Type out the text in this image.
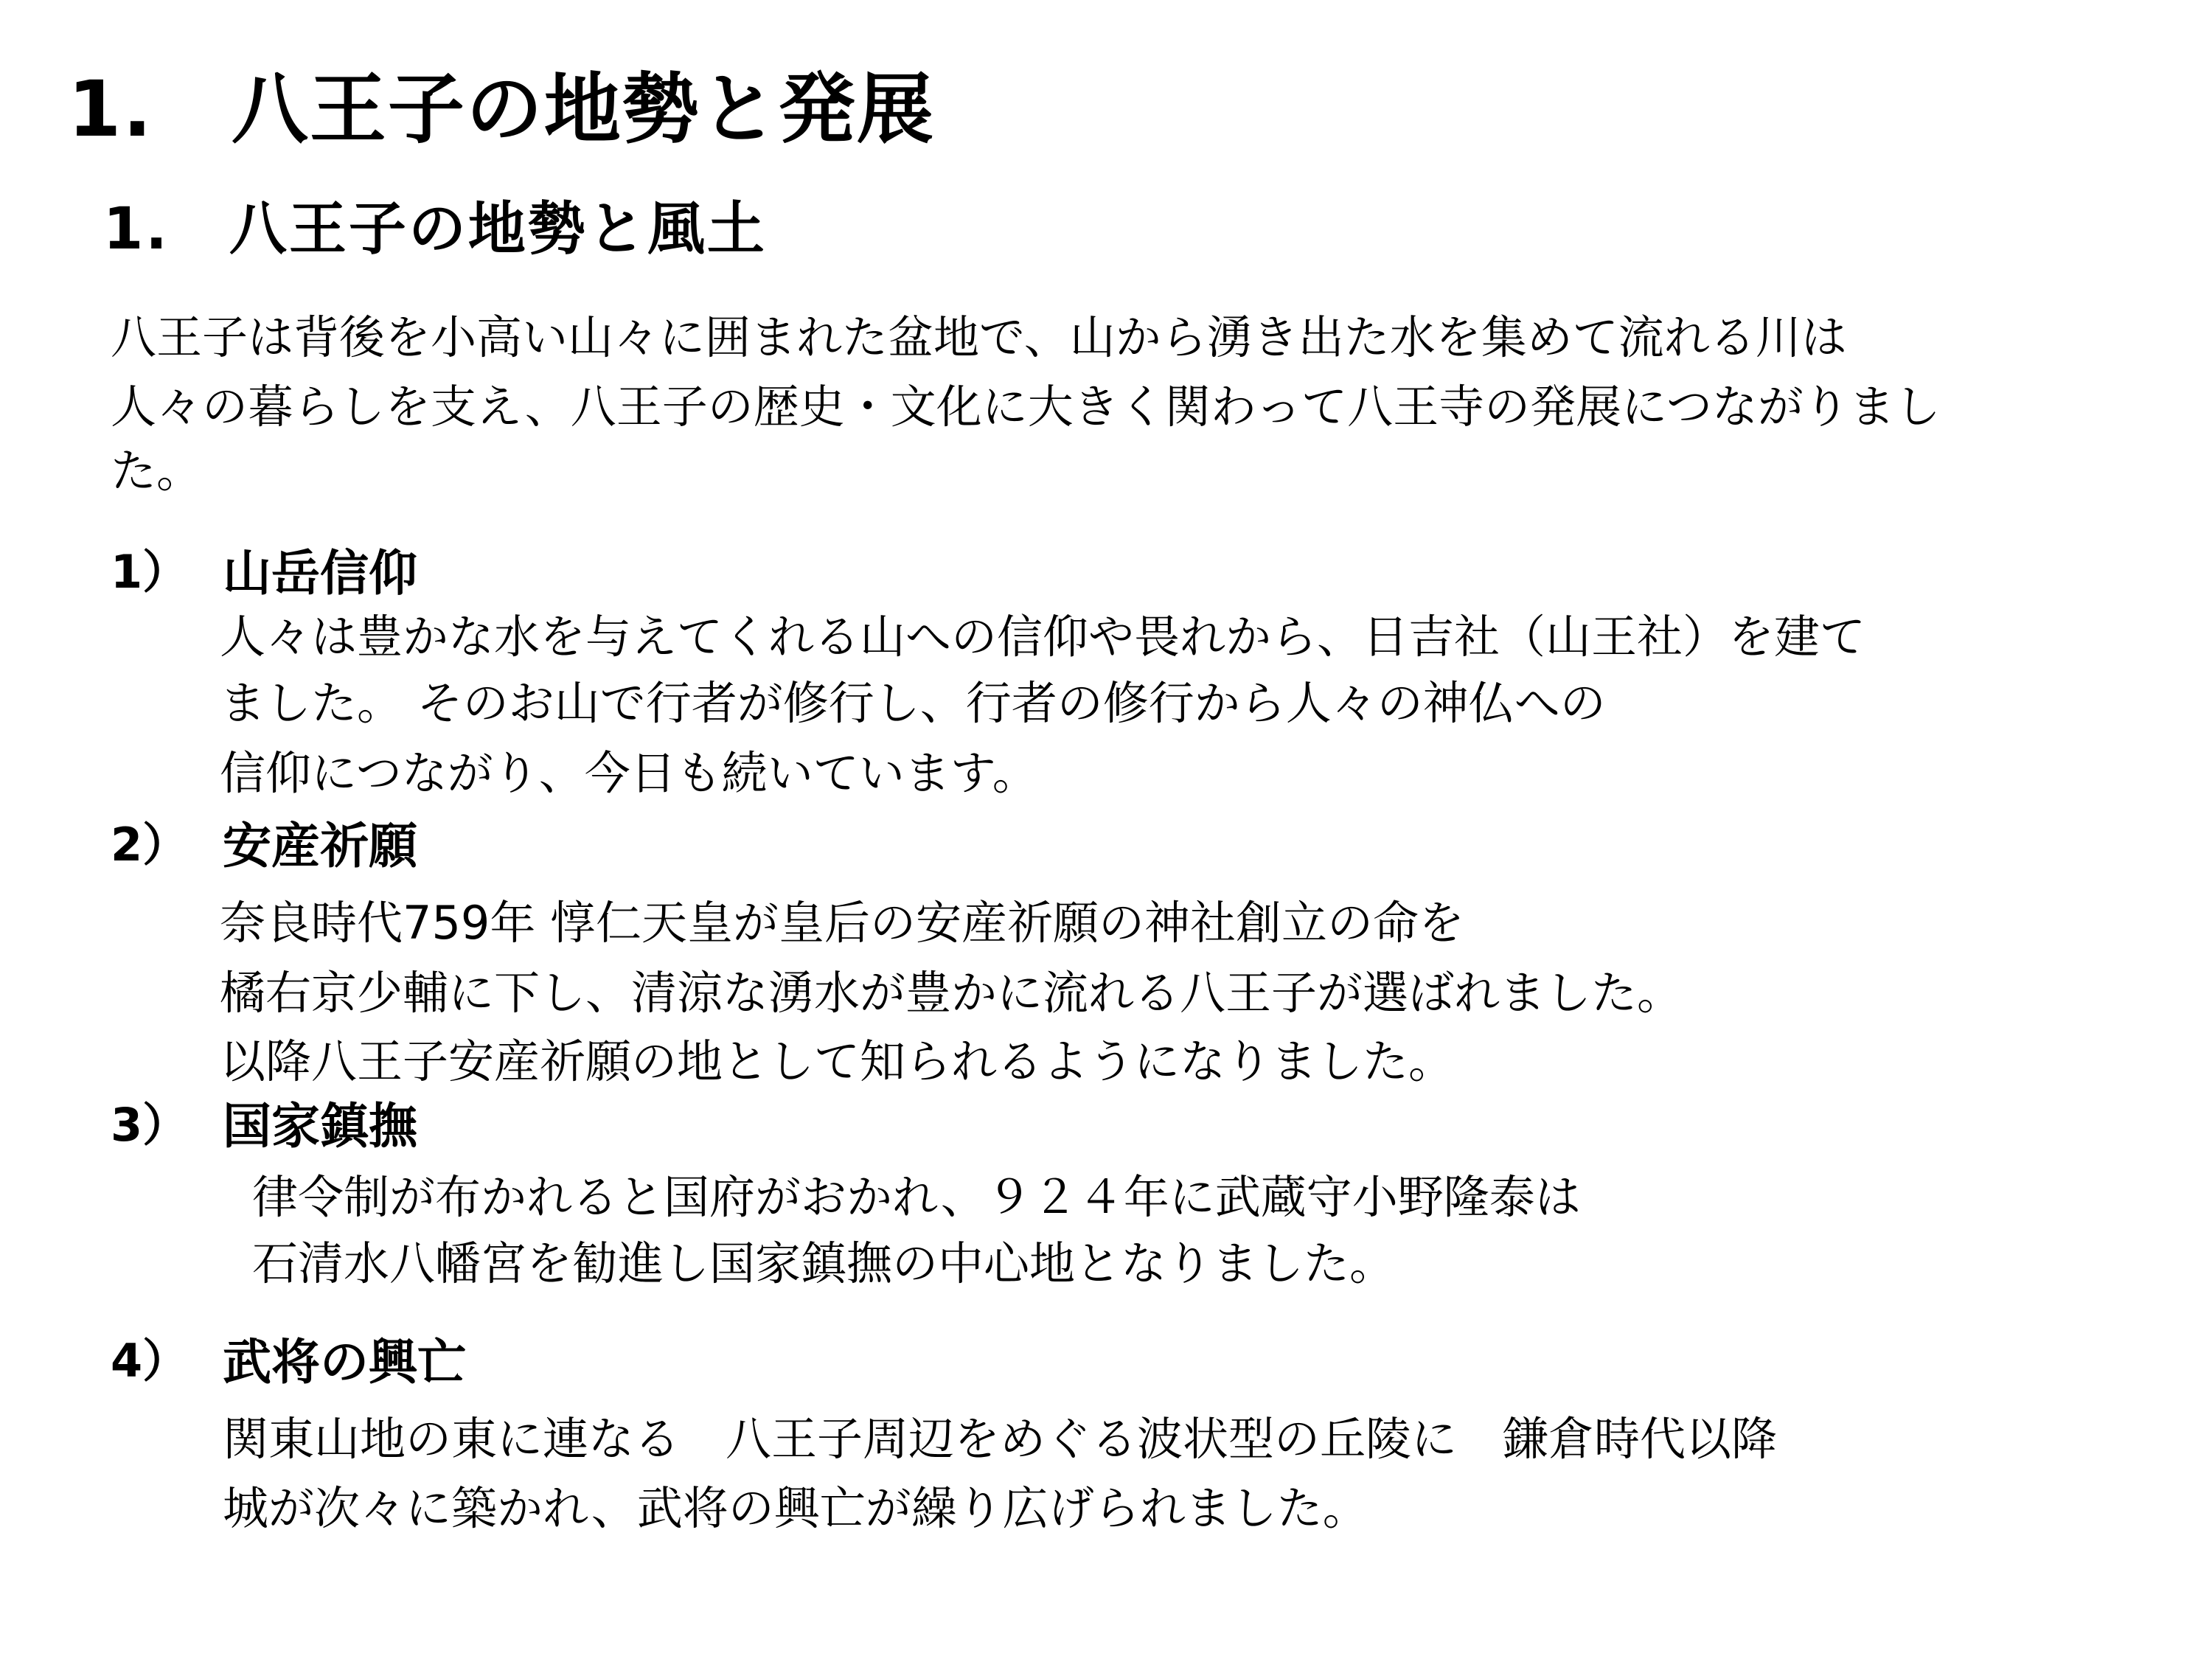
1.　八王子の地勢と発展
1.　八王子の地勢と風土
八王子は背後を小高い山々に囲まれた盆地で、山から湧き出た水を集めて流れる川は
人々の暮らしを支え、八王子の歴史・文化に大きく関わって八王寺の発展につながりまし
た。
1） 山岳信仰
人々は豊かな水を与えてくれる山への信仰や畏れから、日吉社（山王社）を建て
ました。 そのお山で行者が修行し、行者の修行から人々の神仏への
信仰につながり、今日も続いています。
2） 安産祈願
奈良時代759年 惇仁天皇が皇后の安産祈願の神社創立の命を
橘右京少輔に下し、清涼な湧水が豊かに流れる八王子が選ばれました。
以降八王子安産祈願の地として知られるようになりました。
3） 国家鎮撫
律令制が布かれると国府がおかれ、９２４年に武蔵守小野隆泰は
石清水八幡宮を勧進し国家鎮撫の中心地となりました。
4） 武将の興亡
関東山地の東に連なる　八王子周辺をめぐる波状型の丘陵に　鎌倉時代以降
城が次々に築かれ、武将の興亡が繰り広げられました。
